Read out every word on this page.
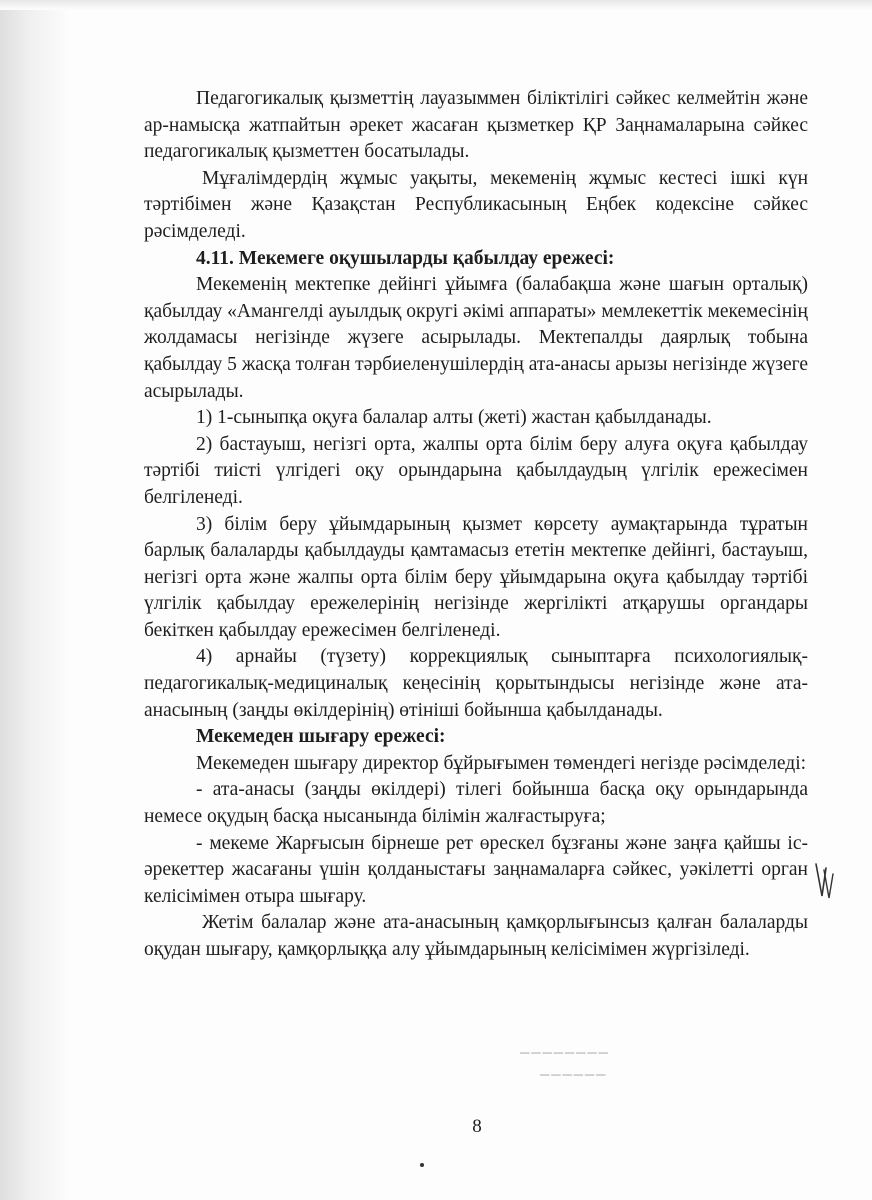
Педагогикалық қызметтің лауазыммен біліктілігі сәйкес келмейтін және ар-намысқа жатпайтын әрекет жасаған қызметкер ҚР Заңнамаларына сәйкес педагогикалық қызметтен босатылады.

Мұғалімдердің жұмыс уақыты, мекеменің жұмыс кестесі ішкі күн тәртібімен және Қазақстан Республикасының Еңбек кодексіне сәйкес рәсімделеді.

4.11. Мекемеге оқушыларды қабылдау ережесі:

Мекеменің мектепке дейінгі ұйымға (балабақша және шағын орталық) қабылдау «Амангелді ауылдық округі әкімі аппараты» мемлекеттік мекемесінің жолдамасы негізінде жүзеге асырылады. Мектепалды даярлық тобына қабылдау 5 жасқа толған тәрбиеленушілердің ата-анасы арызы негізінде жүзеге асырылады.

1) 1-сыныпқа оқуға балалар алты (жеті) жастан қабылданады.

2) бастауыш, негізгі орта, жалпы орта білім беру алуға оқуға қабылдау тәртібі тиісті үлгідегі оқу орындарына қабылдаудың үлгілік ережесімен белгіленеді.

3) білім беру ұйымдарының қызмет көрсету аумақтарында тұратын барлық балаларды қабылдауды қамтамасыз ететін мектепке дейінгі, бастауыш, негізгі орта және жалпы орта білім беру ұйымдарына оқуға қабылдау тәртібі үлгілік қабылдау ережелерінің негізінде жергілікті атқарушы органдары бекіткен қабылдау ережесімен белгіленеді.

4) арнайы (түзету) коррекциялық сыныптарға психологиялық-педагогикалық-медициналық кеңесінің қорытындысы негізінде және ата-анасының (заңды өкілдерінің) өтініші бойынша қабылданады.

Мекемеден шығару ережесі:

Мекемеден шығару директор бұйрығымен төмендегі негізде рәсімделеді:

- ата-анасы (заңды өкілдері) тілегі бойынша басқа оқу орындарында немесе оқудың басқа нысанында білімін жалғастыруға;

- мекеме Жарғысын бірнеше рет өрескел бұзғаны және заңға қайшы іс-әрекеттер жасағаны үшін қолданыстағы заңнамаларға сәйкес, уәкілетті орган келісімімен отыра шығару.

Жетім балалар және ата-анасының қамқорлығынсыз қалған балаларды оқудан шығару, қамқорлыққа алу ұйымдарының келісімімен жүргізіледі.

▁▁▁▁▁▁▁▁
▁▁▁▁▁▁
8
